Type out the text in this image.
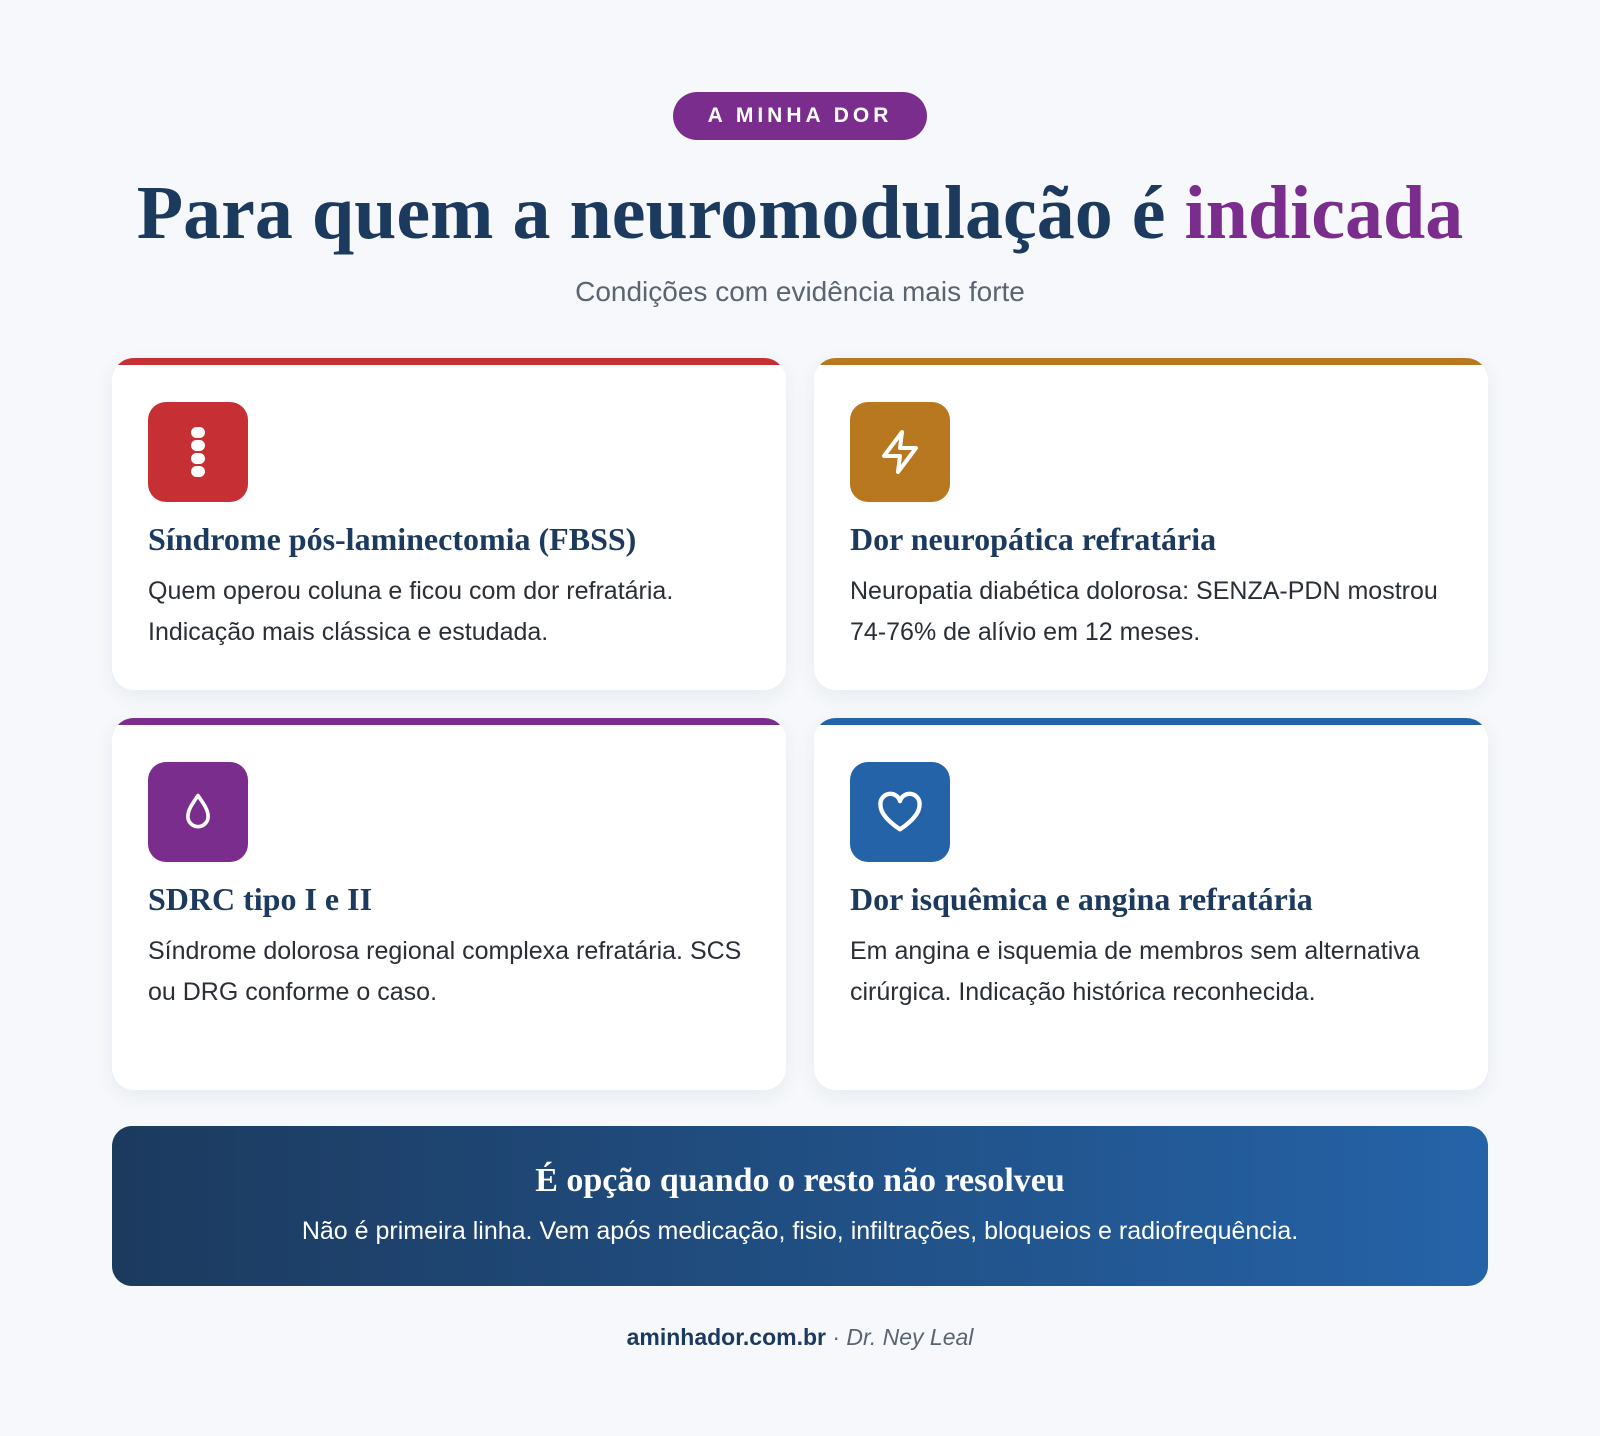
A MINHA DOR
Para quem a neuromodulação é indicada
Condições com evidência mais forte
Síndrome pós-laminectomia (FBSS)
Quem operou coluna e ficou com dor refratária. Indicação mais clássica e estudada.
Dor neuropática refratária
Neuropatia diabética dolorosa: SENZA-PDN mostrou 74-76% de alívio em 12 meses.
SDRC tipo I e II
Síndrome dolorosa regional complexa refratária. SCS ou DRG conforme o caso.
Dor isquêmica e angina refratária
Em angina e isquemia de membros sem alternativa cirúrgica. Indicação histórica reconhecida.
É opção quando o resto não resolveu
Não é primeira linha. Vem após medicação, fisio, infiltrações, bloqueios e radiofrequência.
aminhador.com.br · Dr. Ney Leal
